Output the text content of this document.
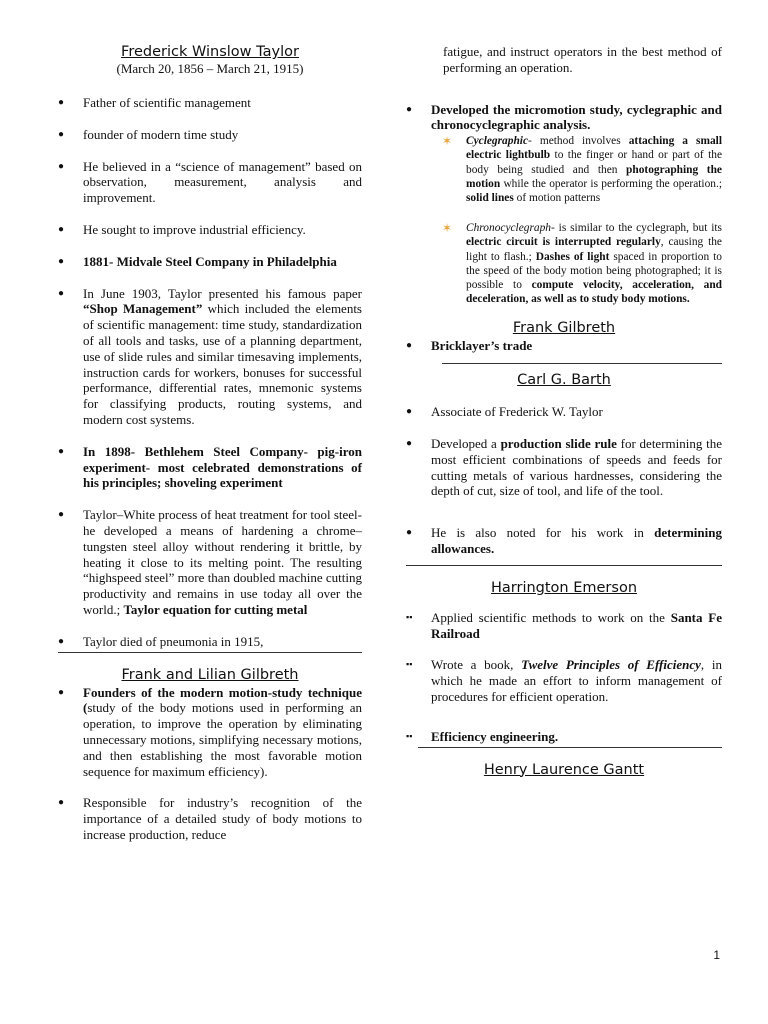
Frederick Winslow Taylor

(March 20, 1856 – March 21, 1915)

●	Father of scientific management
●	founder of modern time study
●	He believed in a “science of management” based on observation, measurement, analysis and improvement.
●	He sought to improve industrial efficiency.
●	1881- Midvale Steel Company in Philadelphia
●	In June 1903, Taylor presented his famous paper “Shop Management” which included the elements of scientific management: time study, standardization of all tools and tasks, use of a planning department, use of slide rules and similar timesaving implements, instruction cards for workers, bonuses for successful performance, differential rates, mnemonic systems for classifying products, routing systems, and modern cost systems.
●	In 1898- Bethlehem Steel Company- pig-iron experiment- most celebrated demonstrations of his principles; shoveling experiment
●	Taylor–White process of heat treatment for tool steel- he developed a means of hardening a chrome–tungsten steel alloy without rendering it brittle, by heating it close to its melting point. The resulting “highspeed steel” more than doubled machine cutting productivity and remains in use today all over the world.; Taylor equation for cutting metal
●	Taylor died of pneumonia in 1915,

Frank and Lilian Gilbreth

●	Founders of the modern motion-study technique (study of the body motions used in performing an operation, to improve the operation by eliminating unnecessary motions, simplifying necessary motions, and then establishing the most favorable motion sequence for maximum efficiency).
●	Responsible for industry’s recognition of the importance of a detailed study of body motions to increase production, reduce
fatigue, and instruct operators in the best method of performing an operation.
●	Developed the micromotion study, cyclegraphic and chronocyclegraphic analysis.
✶ Cyclegraphic- method involves attaching a small electric lightbulb to the finger or hand or part of the body being studied and then photographing the motion while the operator is performing the operation.; solid lines of motion patterns
✶ Chronocyclegraph- is similar to the cyclegraph, but its electric circuit is interrupted regularly, causing the light to flash.; Dashes of light spaced in proportion to the speed of the body motion being photographed; it is possible to compute velocity, acceleration, and deceleration, as well as to study body motions.

Frank Gilbreth

●	Bricklayer’s trade

Carl G. Barth

●	Associate of Frederick W. Taylor
●	Developed a production slide rule for determining the most efficient combinations of speeds and feeds for cutting metals of various hardnesses, considering the depth of cut, size of tool, and life of the tool.
●	He is also noted for his work in determining allowances.

Harrington Emerson

▪▪	Applied scientific methods to work on the Santa Fe Railroad
▪▪	Wrote a book, Twelve Principles of Efficiency, in which he made an effort to inform management of procedures for efficient operation.
▪▪	Efficiency engineering.

Henry Laurence Gantt

1
